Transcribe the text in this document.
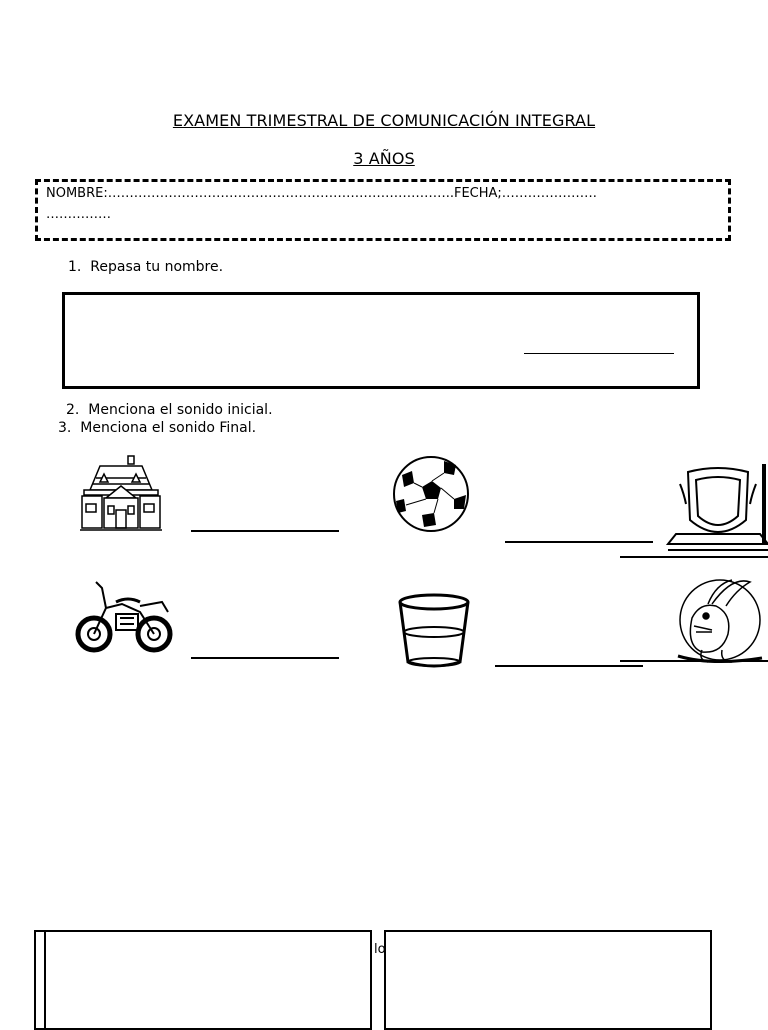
EXAMEN TRIMESTRAL DE COMUNICACIÓN INTEGRAL
3 AÑOS
NOMBRE:……………………………………………………………………..FECHA;………………….
……………
1. Repasa tu nombre.
2. Menciona el sonido inicial.
3. Menciona el sonido Final.
lo
